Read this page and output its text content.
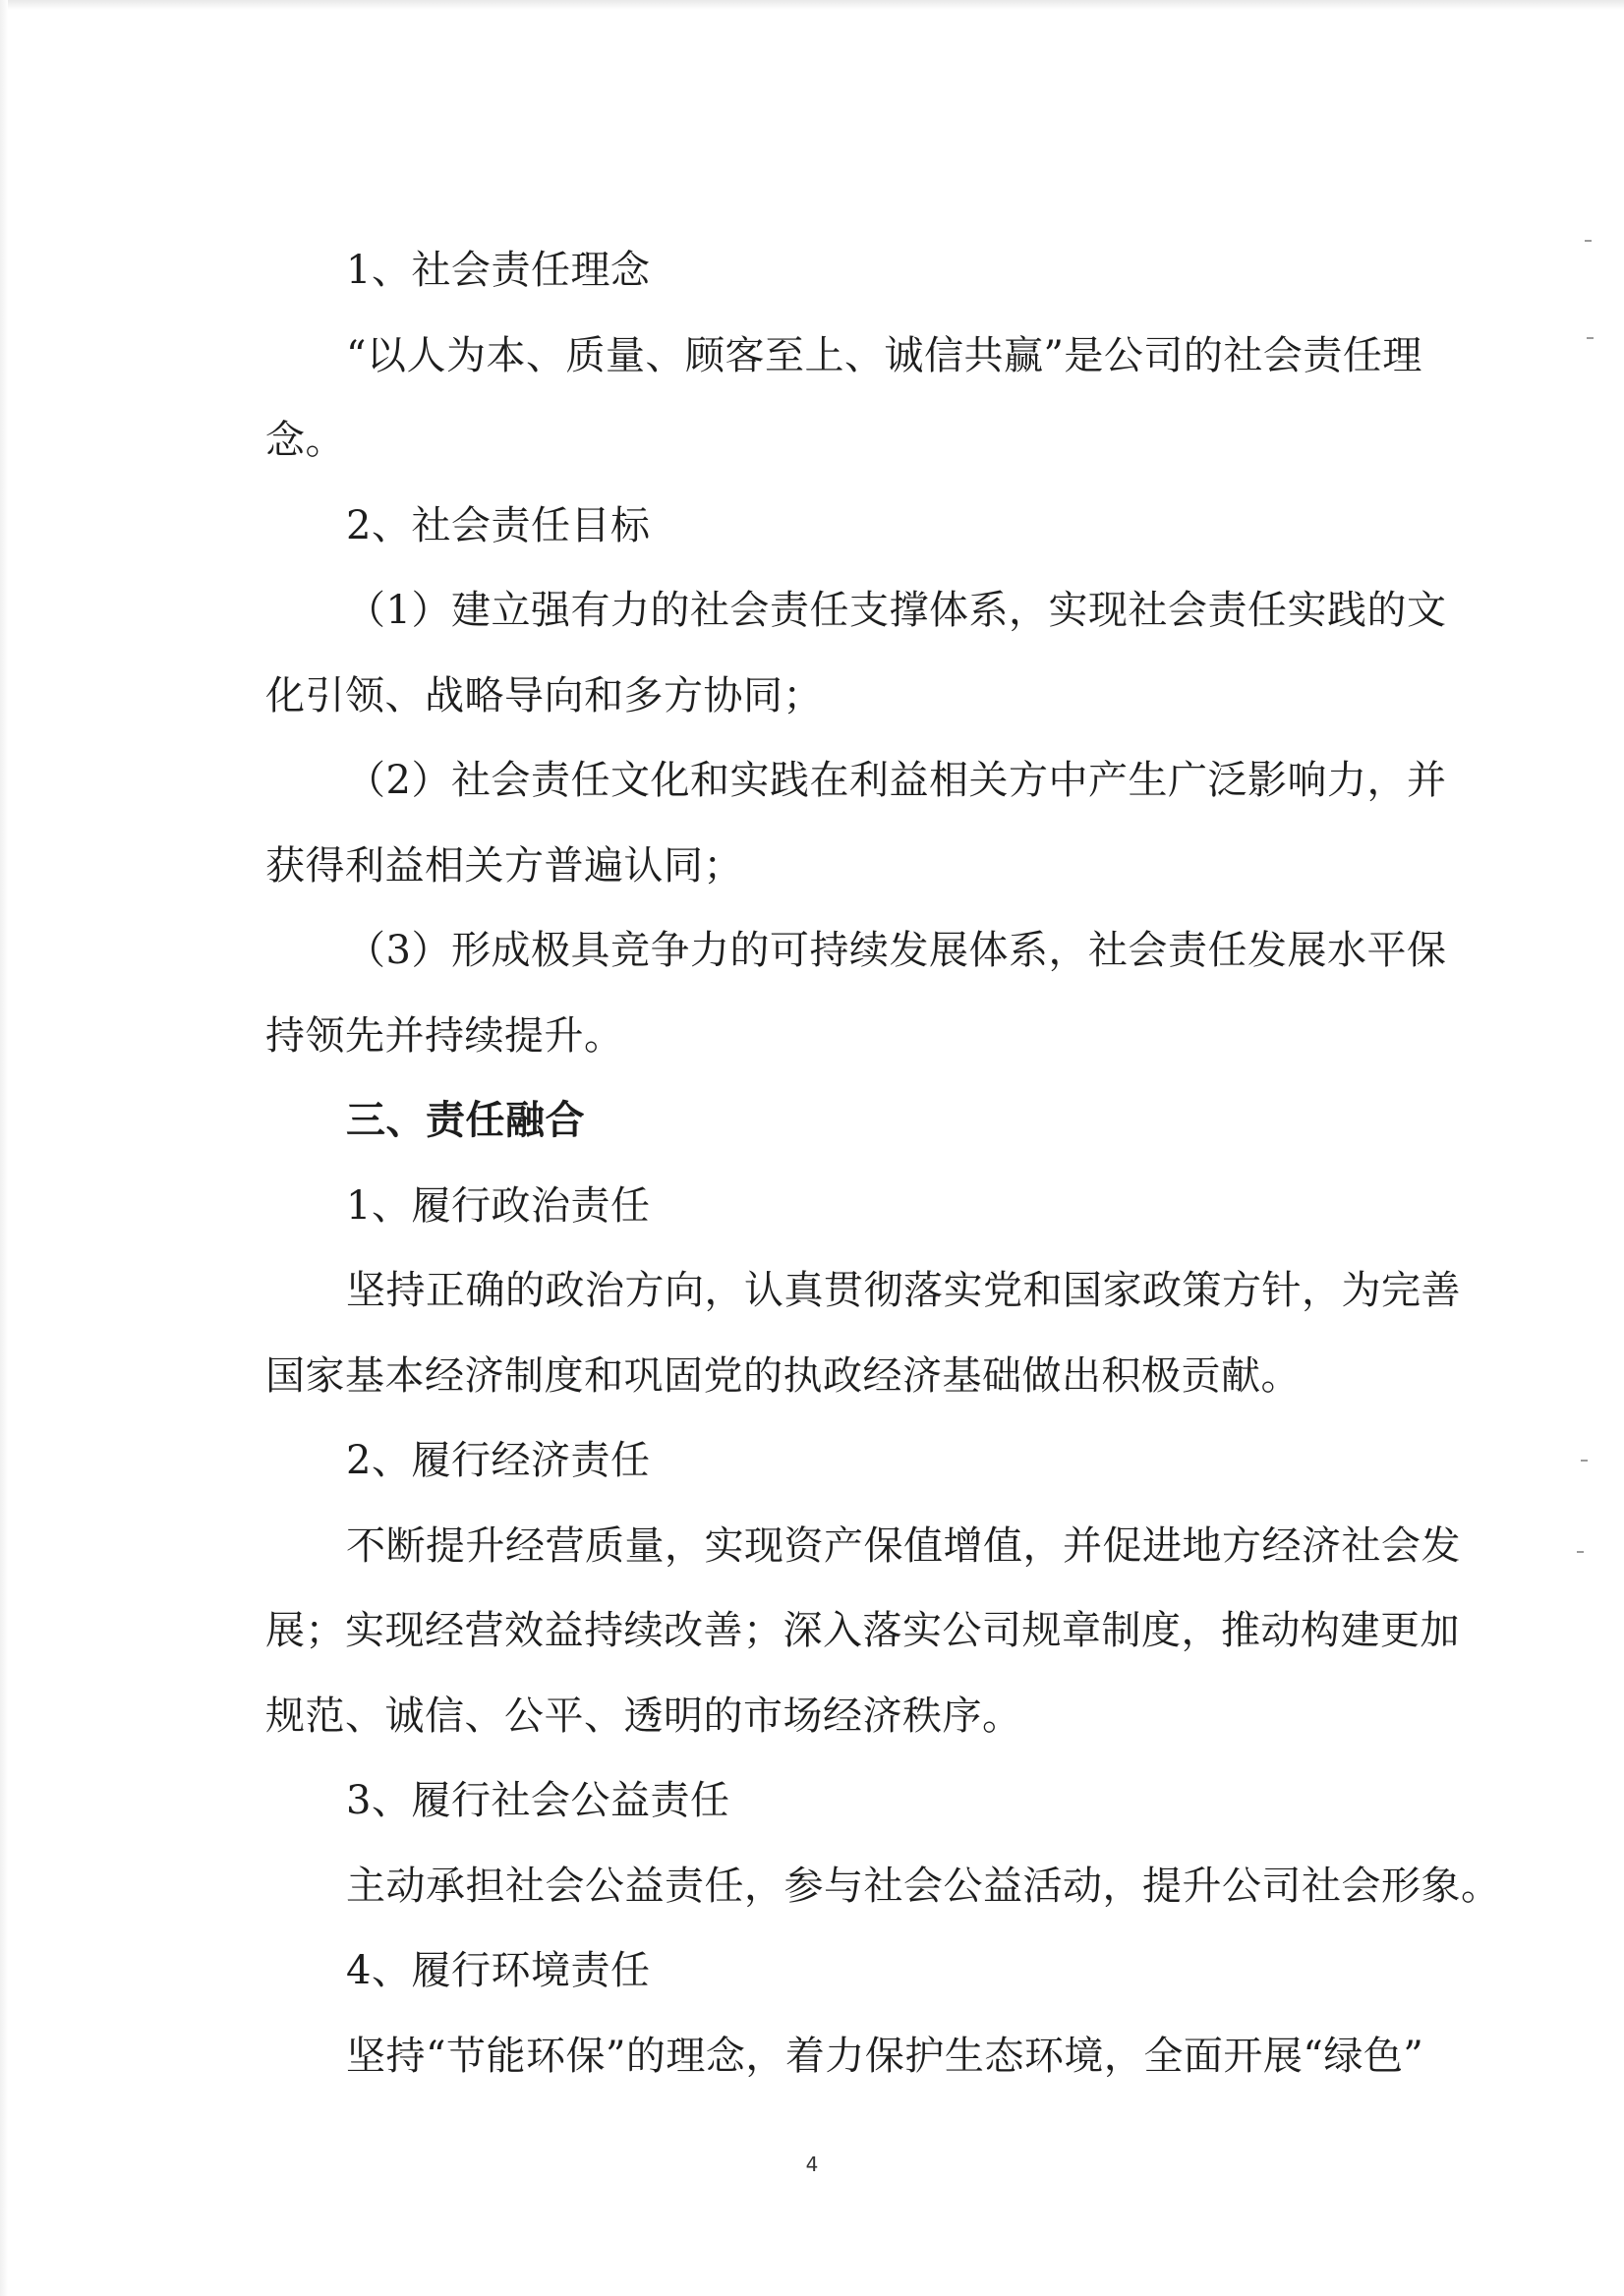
1、社会责任理念
“以人为本、质量、顾客至上、诚信共赢”是公司的社会责任理
念。
2、社会责任目标
（1）建立强有力的社会责任支撑体系，实现社会责任实践的文
化引领、战略导向和多方协同；
（2）社会责任文化和实践在利益相关方中产生广泛影响力，并
获得利益相关方普遍认同；
（3）形成极具竞争力的可持续发展体系，社会责任发展水平保
持领先并持续提升。
三、责任融合
1、履行政治责任
坚持正确的政治方向，认真贯彻落实党和国家政策方针，为完善
国家基本经济制度和巩固党的执政经济基础做出积极贡献。
2、履行经济责任
不断提升经营质量，实现资产保值增值，并促进地方经济社会发
展；实现经营效益持续改善；深入落实公司规章制度，推动构建更加
规范、诚信、公平、透明的市场经济秩序。
3、履行社会公益责任
主动承担社会公益责任，参与社会公益活动，提升公司社会形象。
4、履行环境责任
坚持“节能环保”的理念，着力保护生态环境，全面开展“绿色”
4
